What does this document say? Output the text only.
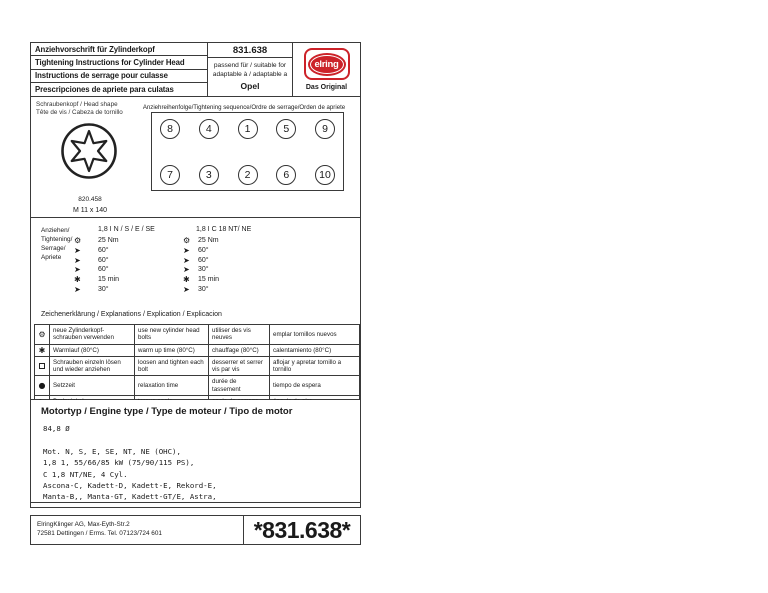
Anziehvorschrift für Zylinderkopf
Tightening Instructions for Cylinder Head
Instructions de serrage pour culasse
Prescripciones de apriete para culatas
831.638
passend für / suitable for
adaptable à / adaptable a
Opel
elring
Das Original
Schraubenkopf / Head shape
Tête de vis / Cabeza de tornillo
820.458
M 11 x 140
Anziehreihenfolge/Tightening sequence/Ordre de serrage/Orden de apriete
8	4	1	5	9
7	3	2	6	10
Anziehen/
Tightening/
Serrage/
Apriete
1,8 I N / S / E / SE
⚙	25 Nm
➤	60°
➤	60°
➤	60°
✱	15 min
➤	30°
1,8 I C 18 NT/ NE
⚙	25 Nm
➤	60°
➤	60°
➤	30°
✱	15 min
➤	30°
Zeichenerklärung / Explanations / Explication / Explicacion
⚙	neue Zylinderkopf-schrauben verwenden	use new cylinder head bolts	utiliser des vis neuves	emplar tornillos nuevos
✱	Warmlauf (80°C)	warm up time (80°C)	chauffage (80°C)	calentamiento (80°C)
	Schrauben einzeln lösen und wieder anziehen	loosen and tighten each bolt	desserrer et serrer vis par vis	aflojar y apretar tornillo a tornillo
●	Setzzeit	relaxation time	durée de tassement	tiempo de espera

Motortyp / Engine type / Type de moteur / Tipo de motor
84,8 Ø
Mot. N, S, E, SE, NT, NE (OHC),
1,8 1, 55/66/85 kW (75/90/115 PS),
C 1,8 NT/NE, 4 Cyl.
Ascona-C, Kadett-D, Kadett-E, Rekord-E,
Manta-B,, Manta-GT, Kadett-GT/E, Astra,
ElringKlinger AG, Max-Eyth-Str.2
72581 Dettingen / Erms. Tel. 07123/724 601	*831.638*
